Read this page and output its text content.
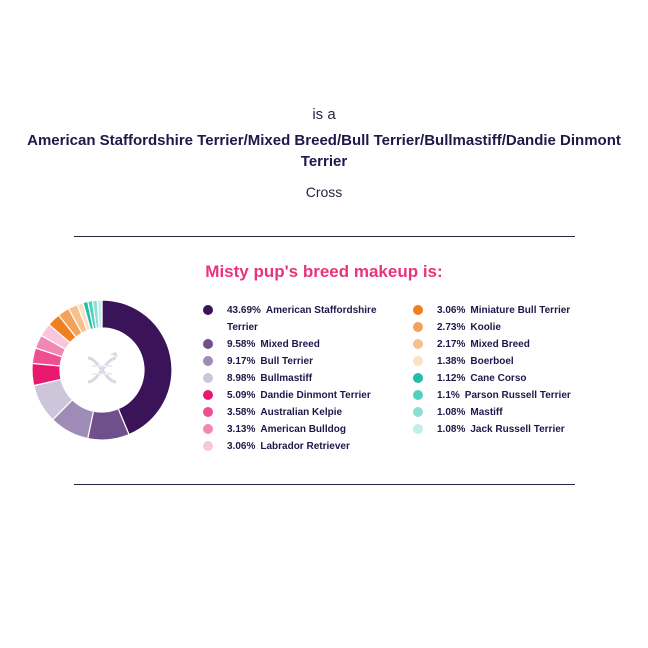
is a
American Staffordshire Terrier/Mixed Breed/Bull Terrier/Bullmastiff/Dandie Dinmont Terrier
Cross
Misty pup's breed makeup is:
43.69% American Staffordshire Terrier
9.58% Mixed Breed
9.17% Bull Terrier
8.98% Bullmastiff
5.09% Dandie Dinmont Terrier
3.58% Australian Kelpie
3.13% American Bulldog
3.06% Labrador Retriever
3.06% Miniature Bull Terrier
2.73% Koolie
2.17% Mixed Breed
1.38% Boerboel
1.12% Cane Corso
1.1% Parson Russell Terrier
1.08% Mastiff
1.08% Jack Russell Terrier
